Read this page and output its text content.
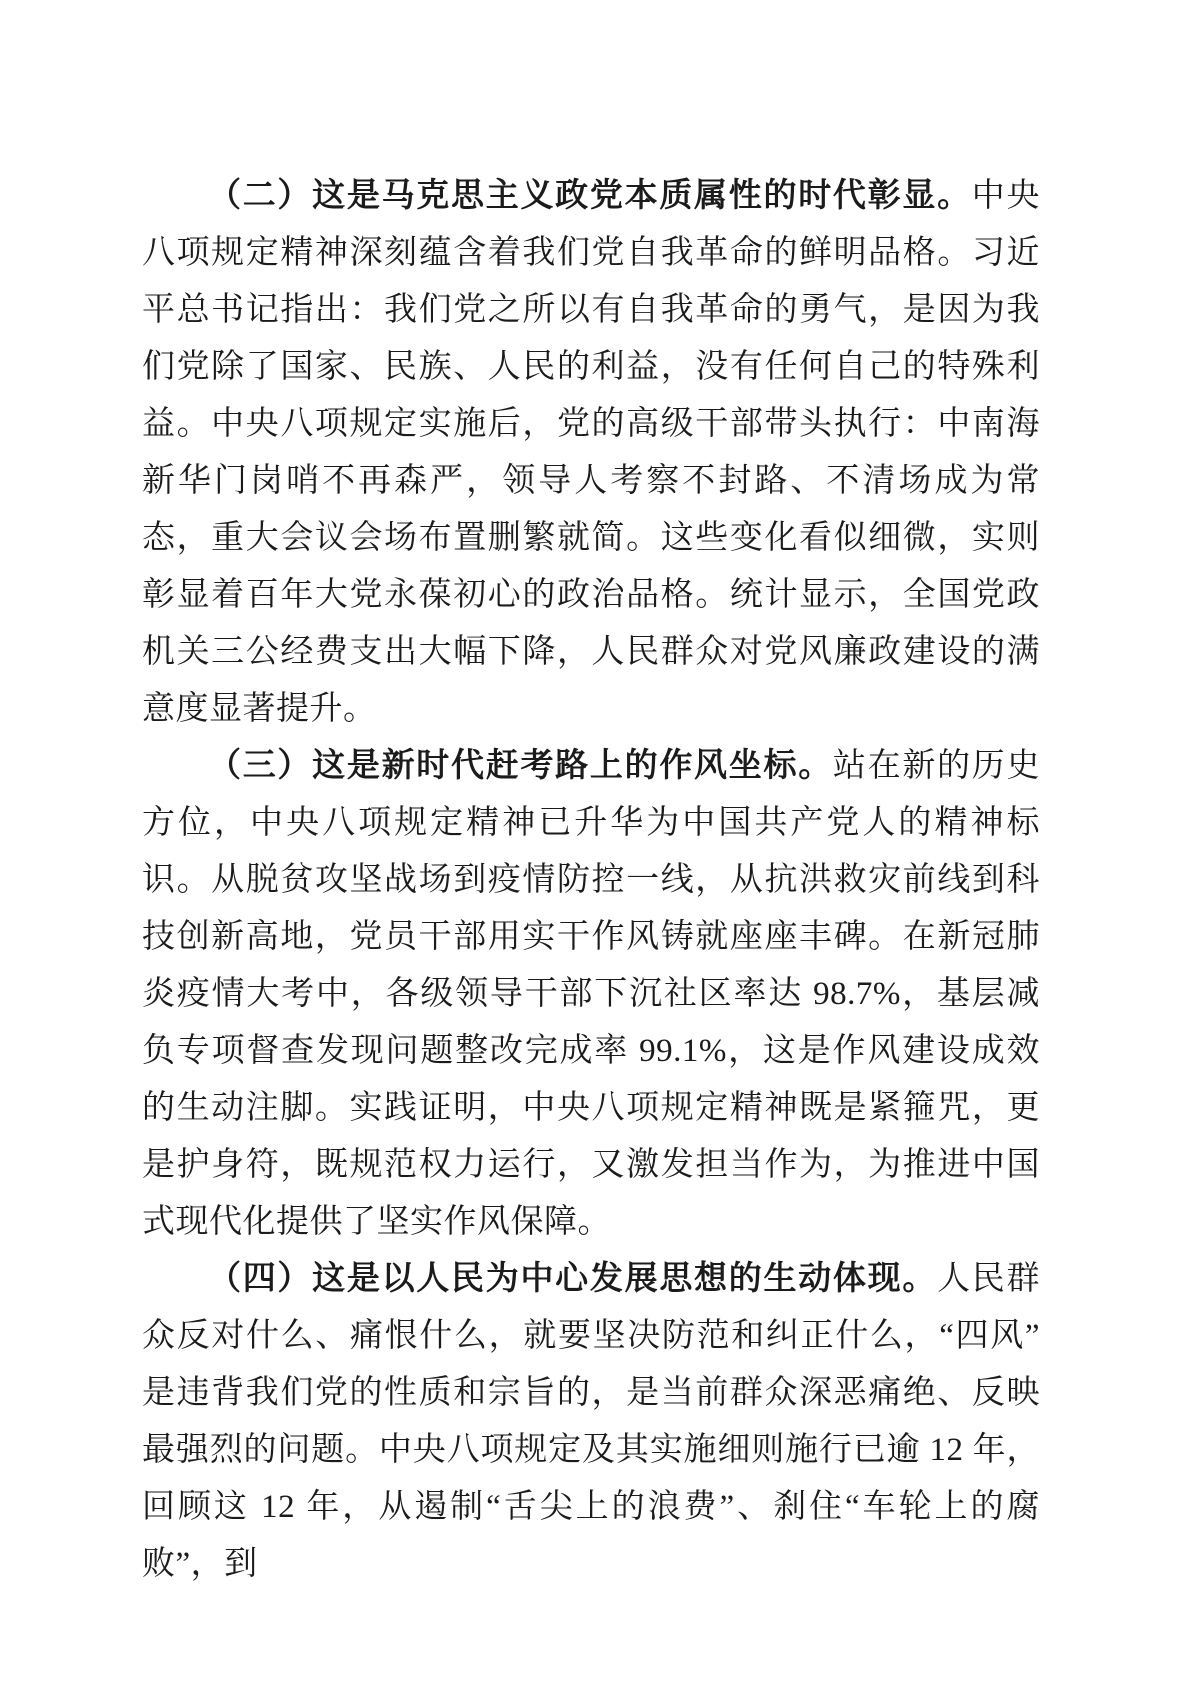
（二）这是马克思主义政党本质属性的时代彰显。中央八项规定精神深刻蕴含着我们党自我革命的鲜明品格。习近平总书记指出：我们党之所以有自我革命的勇气，是因为我们党除了国家、民族、人民的利益，没有任何自己的特殊利益。中央八项规定实施后，党的高级干部带头执行：中南海新华门岗哨不再森严，领导人考察不封路、不清场成为常态，重大会议会场布置删繁就简。这些变化看似细微，实则彰显着百年大党永葆初心的政治品格。统计显示，全国党政机关三公经费支出大幅下降，人民群众对党风廉政建设的满意度显著提升。

（三）这是新时代赶考路上的作风坐标。站在新的历史方位，中央八项规定精神已升华为中国共产党人的精神标识。从脱贫攻坚战场到疫情防控一线，从抗洪救灾前线到科技创新高地，党员干部用实干作风铸就座座丰碑。在新冠肺炎疫情大考中，各级领导干部下沉社区率达 98.7%，基层减负专项督查发现问题整改完成率 99.1%，这是作风建设成效的生动注脚。实践证明，中央八项规定精神既是紧箍咒，更是护身符，既规范权力运行，又激发担当作为，为推进中国式现代化提供了坚实作风保障。

（四）这是以人民为中心发展思想的生动体现。人民群众反对什么、痛恨什么，就要坚决防范和纠正什么，“四风”是违背我们党的性质和宗旨的，是当前群众深恶痛绝、反映最强烈的问题。中央八项规定及其实施细则施行已逾 12 年，回顾这 12 年，从遏制“舌尖上的浪费”、刹住“车轮上的腐败”，到
